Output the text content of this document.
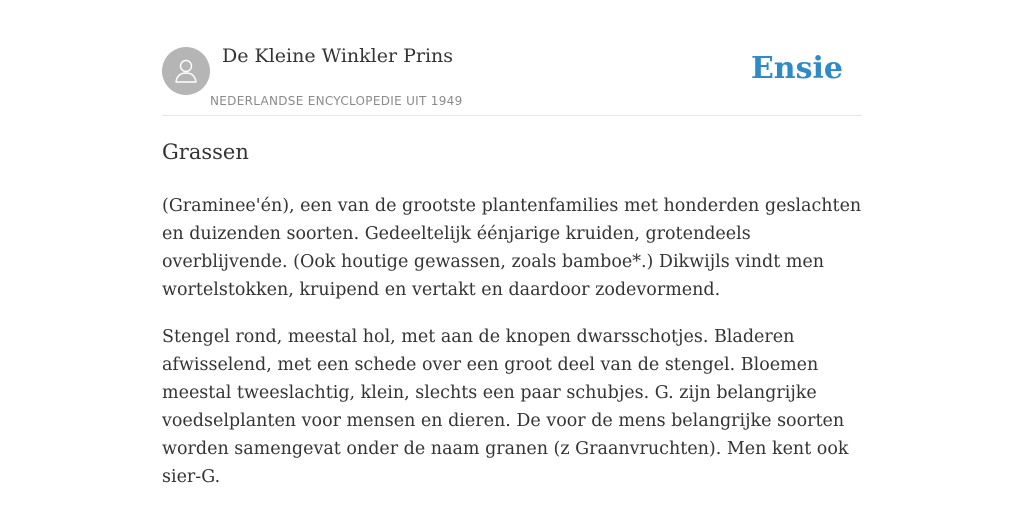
De Kleine Winkler Prins
NEDERLANDSE ENCYCLOPEDIE UIT 1949
Ensie
Grassen

(Graminee'én), een van de grootste plantenfamilies met honderden geslachten en duizenden soorten. Gedeeltelijk éénjarige kruiden, grotendeels overblijvende. (Ook houtige gewassen, zoals bamboe*.) Dikwijls vindt men wortelstokken, kruipend en vertakt en daardoor zodevormend.

Stengel rond, meestal hol, met aan de knopen dwarsschotjes. Bladeren afwisselend, met een schede over een groot deel van de stengel. Bloemen meestal tweeslachtig, klein, slechts een paar schubjes. G. zijn belangrijke voedselplanten voor mensen en dieren. De voor de mens belangrijke soorten worden samengevat onder de naam granen (z Graanvruchten). Men kent ook sier-G.
